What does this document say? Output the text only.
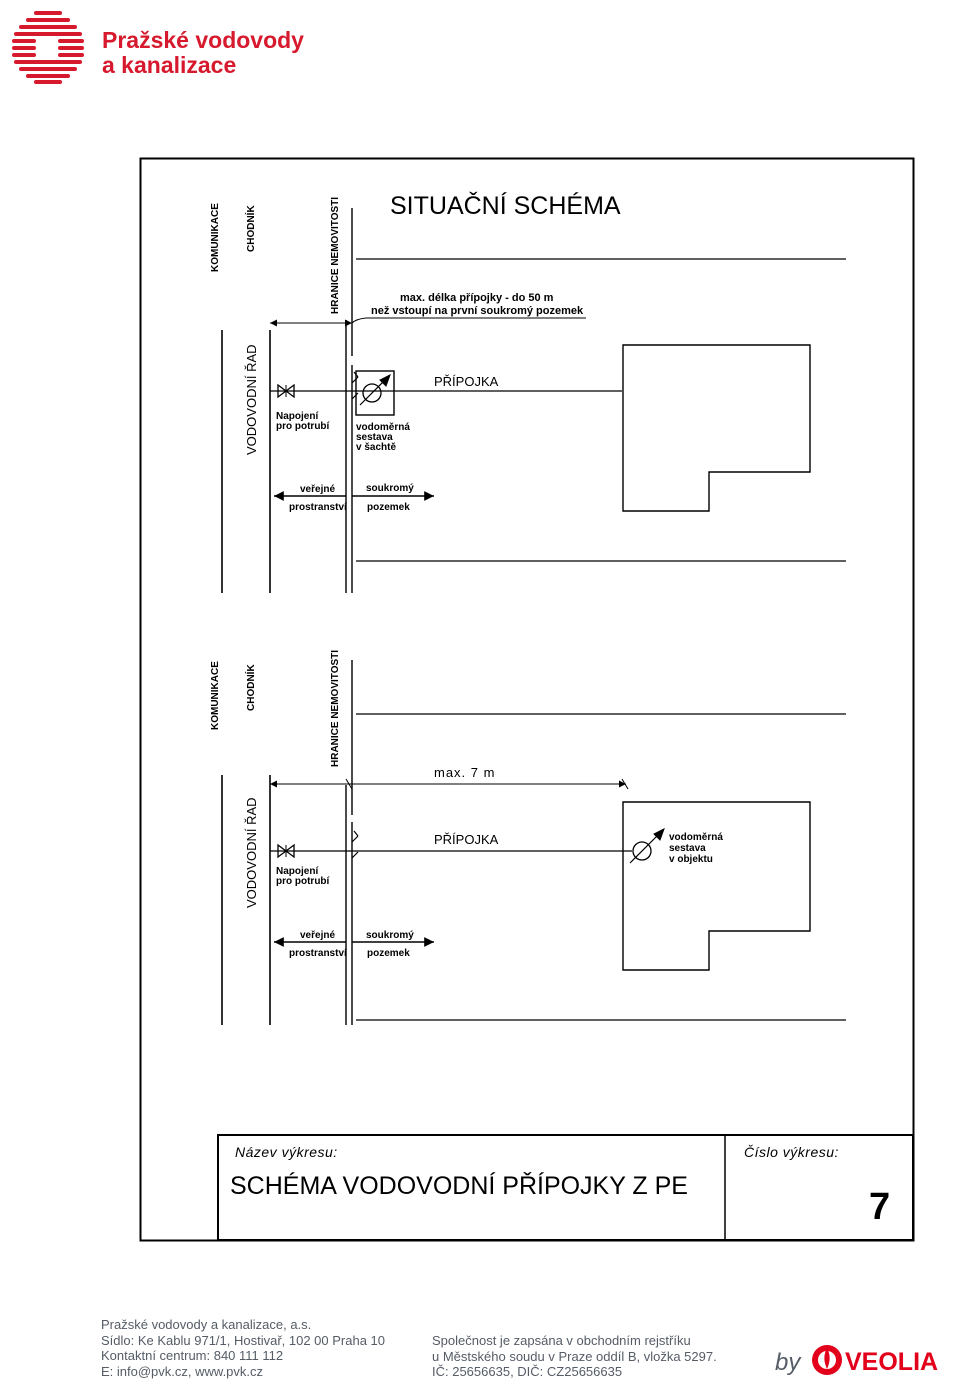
Pražské vodovody
a kanalizace
SITUAČNÍ SCHÉMA
KOMUNIKACE	CHODNÍK	HRANICE NEMOVITOSTI
VODOVODNÍ ŘAD
max. délka přípojky - do 50 m
než vstoupí na první soukromý pozemek
PŘÍPOJKA
Napojení
pro potrubí	vodoměrná
sestava
v šachtě
veřejné
prostranství
soukromý
pozemek
KOMUNIKACE	CHODNÍK	HRANICE NEMOVITOSTI
VODOVODNÍ ŘAD
max. 7 m
PŘÍPOJKA
Napojení
pro potrubí
vodoměrná
sestava
v objektu
veřejné
prostranství
soukromý
pozemek
Název výkresu:
SCHÉMA VODOVODNÍ PŘÍPOJKY Z PE
Číslo výkresu:
7
Pražské vodovody a kanalizace, a.s.
Sídlo: Ke Kablu 971/1, Hostivař, 102 00 Praha 10
Kontaktní centrum: 840 111 112
E: info@pvk.cz, www.pvk.cz
Společnost je zapsána v obchodním rejstříku
u Městského soudu v Praze oddíl B, vložka 5297.
IČ: 25656635, DIČ: CZ25656635	by VEOLIA
